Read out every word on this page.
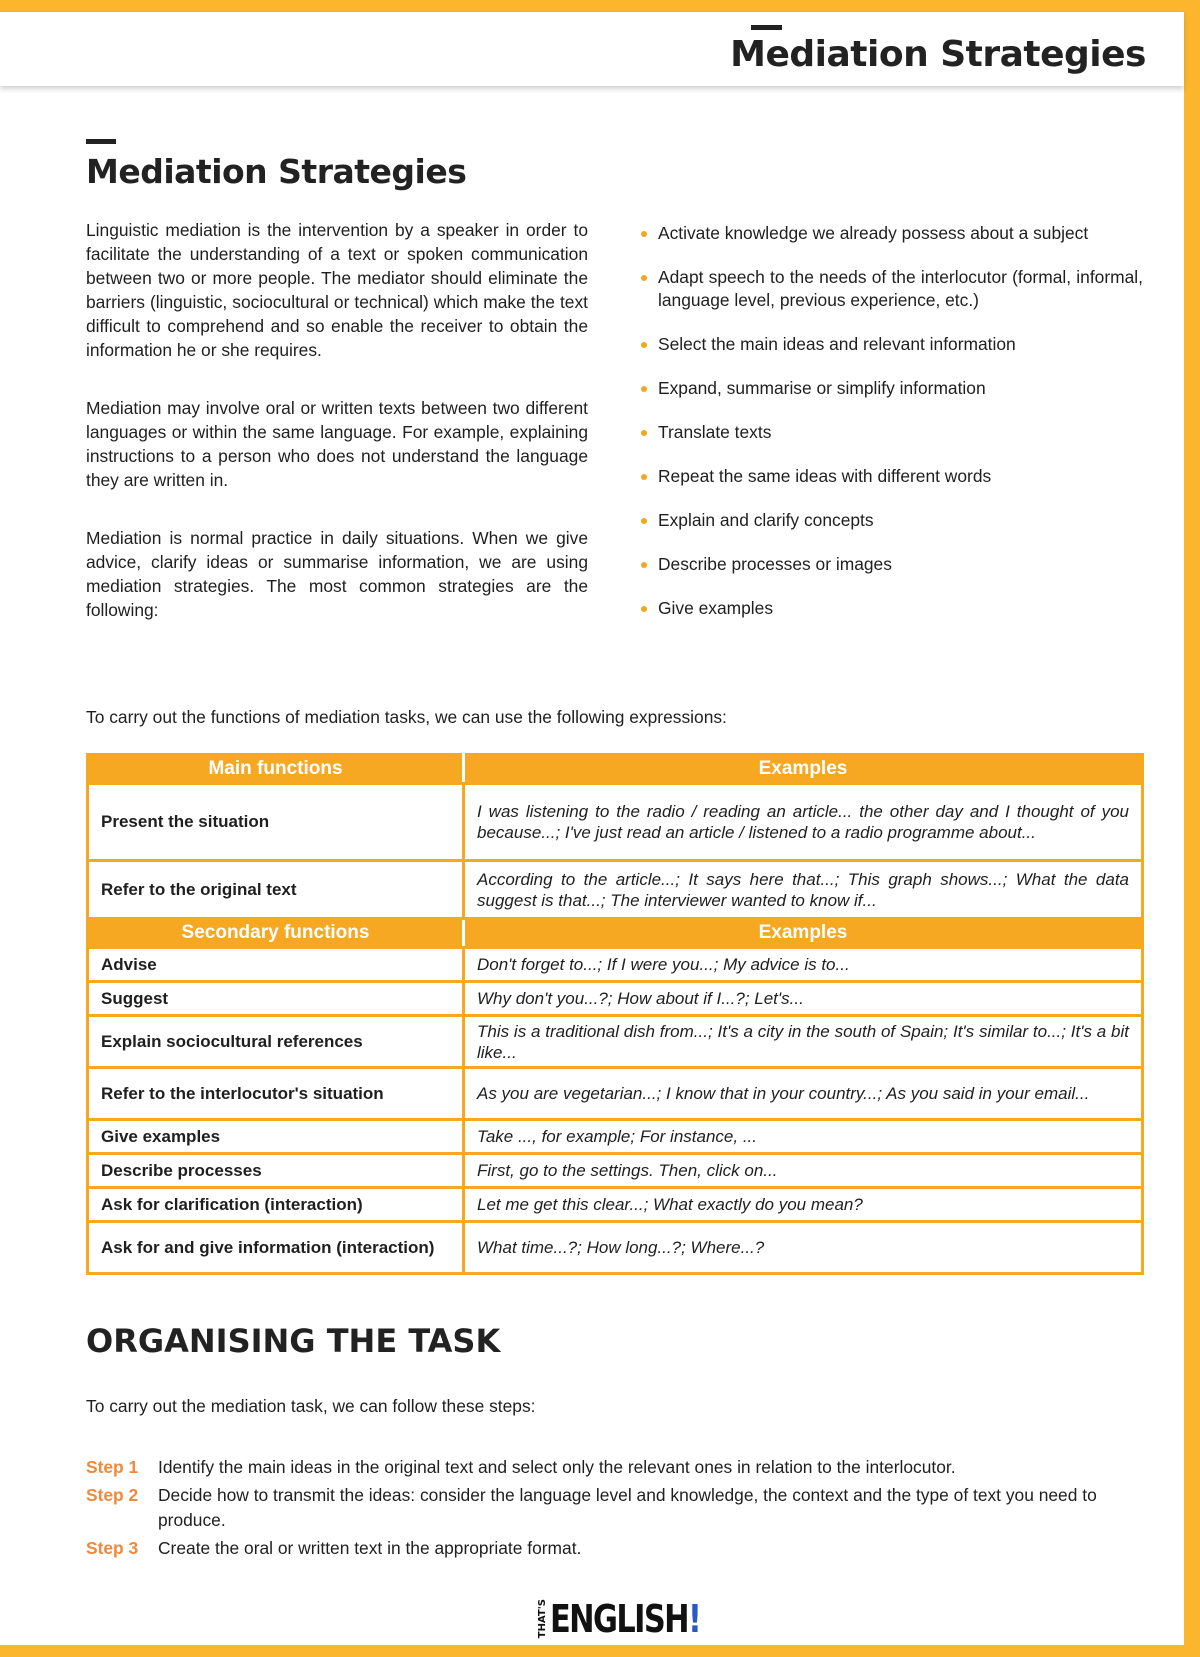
Mediation Strategies
Mediation Strategies

Linguistic mediation is the intervention by a speaker in order to facilitate the understanding of a text or spoken communication between two or more people. The mediator should eliminate the barriers (linguistic, sociocultural or technical) which make the text difficult to comprehend and so enable the receiver to obtain the information he or she requires.

Mediation may involve oral or written texts between two different languages or within the same language. For example, explaining instructions to a person who does not understand the language they are written in.

Mediation is normal practice in daily situations. When we give advice, clarify ideas or summarise information, we are using mediation strategies. The most common strategies are the following:

Activate knowledge we already possess about a subject
Adapt speech to the needs of the interlocutor (formal, informal, language level, previous experience, etc.)
Select the main ideas and relevant information
Expand, summarise or simplify information
Translate texts
Repeat the same ideas with different words
Explain and clarify concepts
Describe processes or images
Give examples
To carry out the functions of mediation tasks, we can use the following expressions:
Main functions	Examples
Present the situation	I was listening to the radio / reading an article... the other day and I thought of you because...; I've just read an article / listened to a radio programme about...
Refer to the original text	According to the article...; It says here that...; This graph shows...; What the data suggest is that...; The interviewer wanted to know if...
Secondary functions	Examples
Advise	Don't forget to...; If I were you...; My advice is to...
Suggest	Why don't you...?; How about if I...?; Let's...
Explain sociocultural references	This is a traditional dish from...; It's a city in the south of Spain; It's similar to...; It's a bit like...
Refer to the interlocutor's situation	As you are vegetarian...; I know that in your country...; As you said in your email...
Give examples	Take ..., for example; For instance, ...
Describe processes	First, go to the settings. Then, click on...
Ask for clarification (interaction)	Let me get this clear...; What exactly do you mean?
Ask for and give information (interaction)	What time...?; How long...?; Where...?
ORGANISING THE TASK
To carry out the mediation task, we can follow these steps:
Step 1	Identify the main ideas in the original text and select only the relevant ones in relation to the interlocutor.
Step 2	Decide how to transmit the ideas: consider the language level and knowledge, the context and the type of text you need to produce.
Step 3	Create the oral or written text in the appropriate format.
THAT'S ENGLISH!
